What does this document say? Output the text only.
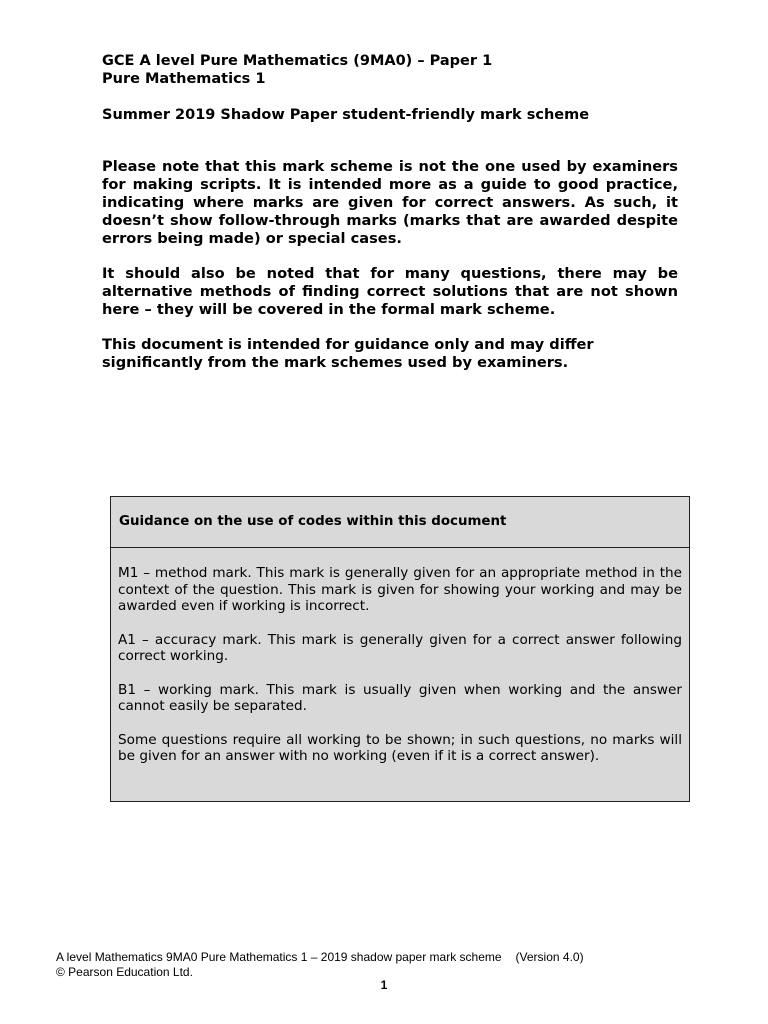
GCE A level Pure Mathematics (9MA0) – Paper 1

Pure Mathematics 1

Summer 2019 Shadow Paper student-friendly mark scheme

Please note that this mark scheme is not the one used by examiners for making scripts. It is intended more as a guide to good practice, indicating where marks are given for correct answers. As such, it doesn’t show follow-through marks (marks that are awarded despite errors being made) or special cases.

It should also be noted that for many questions, there may be alternative methods of finding correct solutions that are not shown here – they will be covered in the formal mark scheme.

This document is intended for guidance only and may differ significantly from the mark schemes used by examiners.

Guidance on the use of codes within this document

M1 – method mark. This mark is generally given for an appropriate method in the context of the question. This mark is given for showing your working and may be awarded even if working is incorrect.

A1 – accuracy mark. This mark is generally given for a correct answer following correct working.

B1 – working mark. This mark is usually given when working and the answer cannot easily be separated.

Some questions require all working to be shown; in such questions, no marks will be given for an answer with no working (even if it is a correct answer).

A level Mathematics 9MA0 Pure Mathematics 1 – 2019 shadow paper mark scheme (Version 4.0)
© Pearson Education Ltd.
1
